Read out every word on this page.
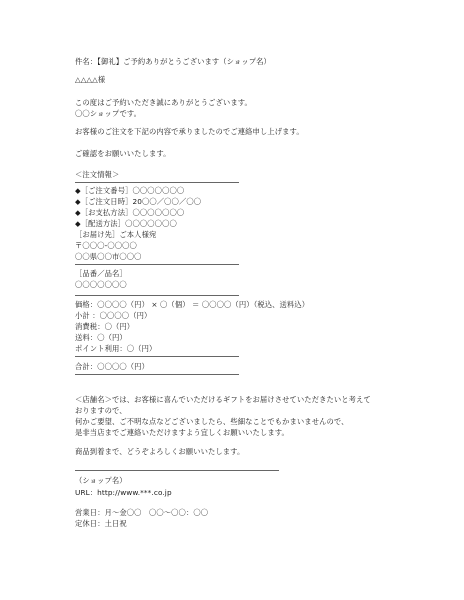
件名：【御礼】ご予約ありがとうございます（ショップ名）
△△△△様
この度はご予約いただき誠にありがとうございます。
〇〇ショップです。
お客様のご注文を下記の内容で承りましたのでご連絡申し上げます。
ご確認をお願いいたします。
＜注文情報＞
◆［ご注文番号］〇〇〇〇〇〇〇
◆［ご注文日時］20〇〇／〇〇／〇〇
◆［お支払方法］〇〇〇〇〇〇〇
◆［配送方法］〇〇〇〇〇〇〇
［お届け先］ご本人様宛
〒〇〇〇-〇〇〇〇
〇〇県〇〇市〇〇〇
［品番／品名］
〇〇〇〇〇〇〇
価格：〇〇〇〇（円） × 〇（個） ＝ 〇〇〇〇（円）（税込、送料込）
小計 ：〇〇〇〇（円）
消費税：〇（円）
送料：〇（円）
ポイント利用：〇（円）
合計：〇〇〇〇（円）
＜店舗名＞では、お客様に喜んでいただけるギフトをお届けさせていただきたいと考えて
おりますので、
何かご要望、ご不明な点などございましたら、些細なことでもかまいませんので、
是非当店までご連絡いただけますよう宜しくお願いいたします。
商品到着まで、どうぞよろしくお願いいたします。
（ショップ名）
URL：http://www.***.co.jp
営業日：月～金〇〇　〇〇～〇〇：〇〇
定休日：土日祝
